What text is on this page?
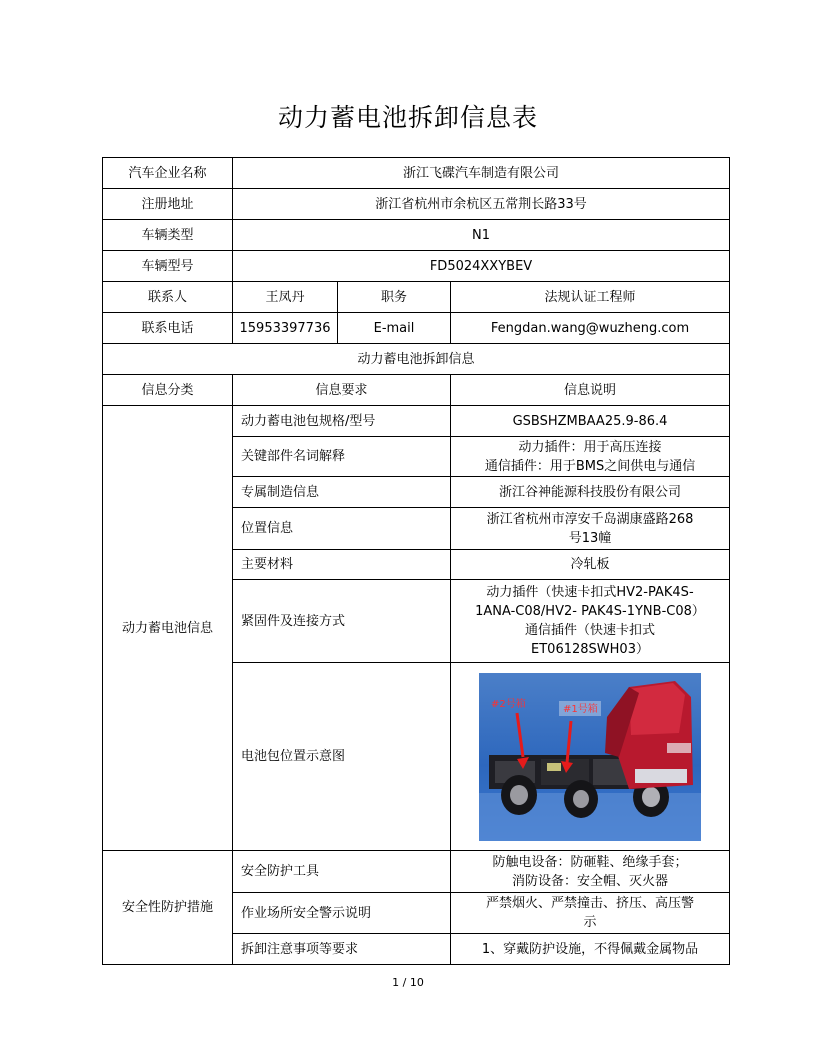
动力蓄电池拆卸信息表
汽车企业名称	浙江飞碟汽车制造有限公司		
注册地址	浙江省杭州市余杭区五常荆长路33号		
车辆类型	N1		
车辆型号	FD5024XXYBEV		
联系人	王凤丹	职务	法规认证工程师
联系电话	15953397736	E-mail	Fengdan.wang@wuzheng.com
动力蓄电池拆卸信息			
信息分类	信息要求		信息说明
动力蓄电池信息	动力蓄电池包规格/型号		GSBSHZMBAA25.9-86.4
	关键部件名词解释		动力插件：用于高压连接
通信插件：用于BMS之间供电与通信

	专属制造信息		浙江谷神能源科技股份有限公司
	位置信息		浙江省杭州市淳安千岛湖康盛路268
号13幢

	主要材料		冷轧板
	紧固件及连接方式		动力插件（快速卡扣式HV2-PAK4S-
1ANA-C08/HV2- PAK4S-1YNB-C08）
通信插件（快速卡扣式
ET06128SWH03）

	电池包位置示意图		#2号箱 #1号箱

安全性防护措施	安全防护工具		防触电设备：防砸鞋、绝缘手套；
消防设备：安全帽、灭火器

	作业场所安全警示说明		严禁烟火、严禁撞击、挤压、高压警
示

	拆卸注意事项等要求		1、穿戴防护设施，不得佩戴金属物品
1 / 10
